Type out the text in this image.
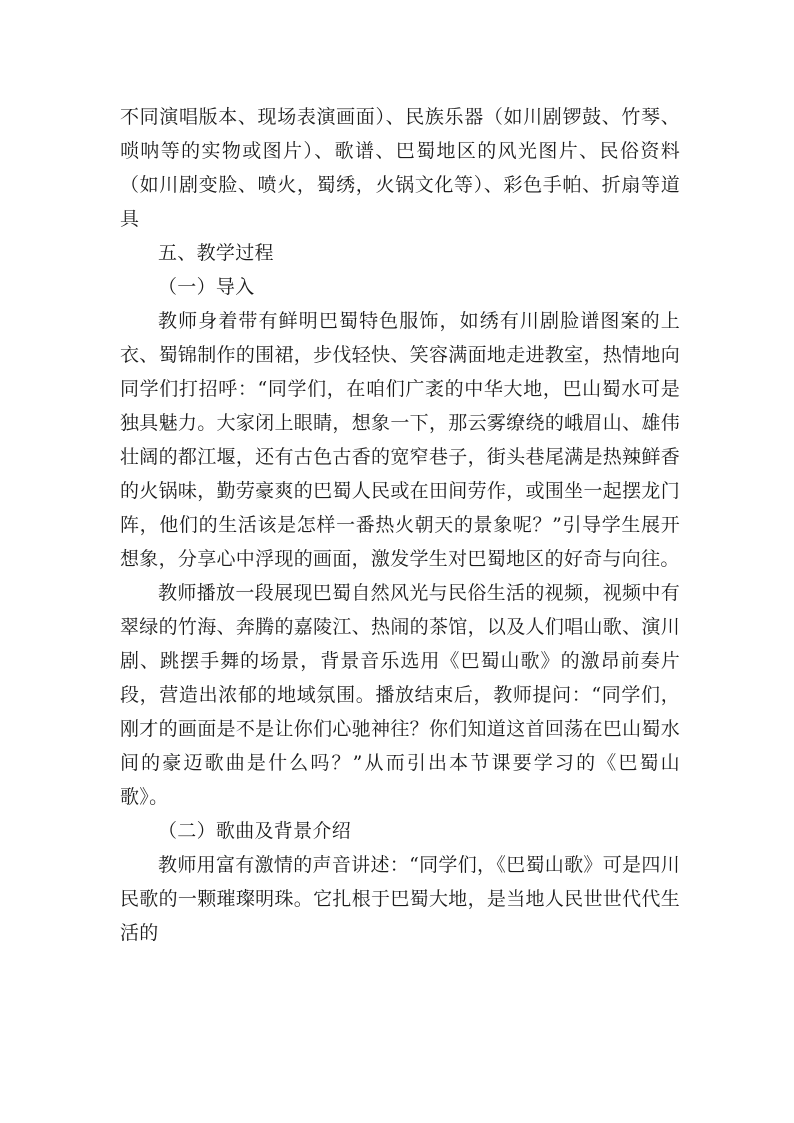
不同演唱版本、现场表演画面）、民族乐器（如川剧锣鼓、竹琴、唢呐等的实物或图片）、歌谱、巴蜀地区的风光图片、民俗资料（如川剧变脸、喷火，蜀绣，火锅文化等）、彩色手帕、折扇等道具

五、教学过程

（一）导入

教师身着带有鲜明巴蜀特色服饰，如绣有川剧脸谱图案的上衣、蜀锦制作的围裙，步伐轻快、笑容满面地走进教室，热情地向同学们打招呼：“同学们，在咱们广袤的中华大地，巴山蜀水可是独具魅力。大家闭上眼睛，想象一下，那云雾缭绕的峨眉山、雄伟壮阔的都江堰，还有古色古香的宽窄巷子，街头巷尾满是热辣鲜香的火锅味，勤劳豪爽的巴蜀人民或在田间劳作，或围坐一起摆龙门阵，他们的生活该是怎样一番热火朝天的景象呢？”引导学生展开想象，分享心中浮现的画面，激发学生对巴蜀地区的好奇与向往。

教师播放一段展现巴蜀自然风光与民俗生活的视频，视频中有翠绿的竹海、奔腾的嘉陵江、热闹的茶馆，以及人们唱山歌、演川剧、跳摆手舞的场景，背景音乐选用《巴蜀山歌》的激昂前奏片段，营造出浓郁的地域氛围。播放结束后，教师提问：“同学们，刚才的画面是不是让你们心驰神往？你们知道这首回荡在巴山蜀水间的豪迈歌曲是什么吗？”从而引出本节课要学习的《巴蜀山歌》。

（二）歌曲及背景介绍

教师用富有激情的声音讲述：“同学们，《巴蜀山歌》可是四川民歌的一颗璀璨明珠。它扎根于巴蜀大地，是当地人民世世代代生活的
